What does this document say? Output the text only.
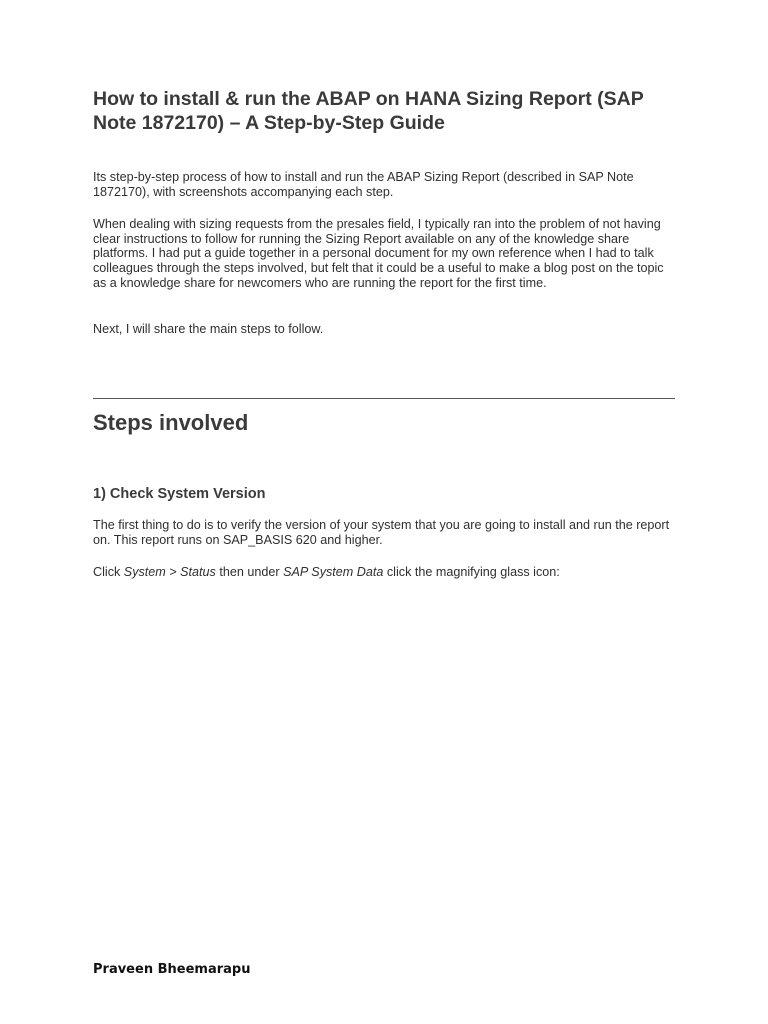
How to install & run the ABAP on HANA Sizing Report (SAP Note 1872170) – A Step-by-Step Guide

Its step-by-step process of how to install and run the ABAP Sizing Report (described in SAP Note 1872170), with screenshots accompanying each step.

When dealing with sizing requests from the presales field, I typically ran into the problem of not having clear instructions to follow for running the Sizing Report available on any of the knowledge share platforms. I had put a guide together in a personal document for my own reference when I had to talk colleagues through the steps involved, but felt that it could be a useful to make a blog post on the topic as a knowledge share for newcomers who are running the report for the first time.

Next, I will share the main steps to follow.

Steps involved
1) Check System Version

The first thing to do is to verify the version of your system that you are going to install and run the report on. This report runs on SAP_BASIS 620 and higher.

Click System > Status then under SAP System Data click the magnifying glass icon:

Praveen Bheemarapu
